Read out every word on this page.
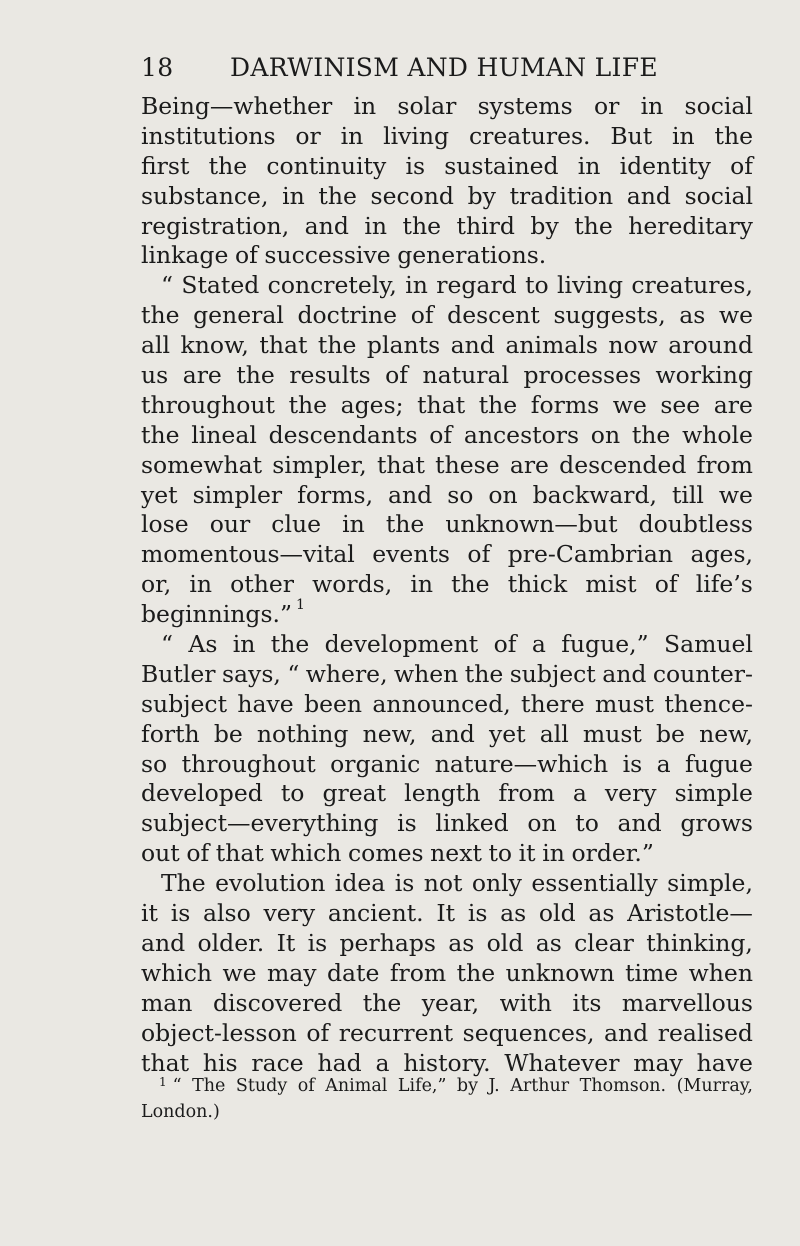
18 DARWINISM AND HUMAN LIFE
Being—whether in solar systems or in social
institutions or in living creatures. But in the
first the continuity is sustained in identity of
substance, in the second by tradition and social
registration, and in the third by the hereditary
linkage of successive generations.
“ Stated concretely, in regard to living creatures,
the general doctrine of descent suggests, as we
all know, that the plants and animals now around
us are the results of natural processes working
throughout the ages; that the forms we see are
the lineal descendants of ancestors on the whole
somewhat simpler, that these are descended from
yet simpler forms, and so on backward, till we
lose our clue in the unknown—but doubtless
momentous—vital events of pre-Cambrian ages,
or, in other words, in the thick mist of life’s
beginnings.” 1
“ As in the development of a fugue,” Samuel
Butler says, “ where, when the subject and counter-
subject have been announced, there must thence-
forth be nothing new, and yet all must be new,
so throughout organic nature—which is a fugue
developed to great length from a very simple
subject—everything is linked on to and grows
out of that which comes next to it in order.”
The evolution idea is not only essentially simple,
it is also very ancient. It is as old as Aristotle—
and older. It is perhaps as old as clear thinking,
which we may date from the unknown time when
man discovered the year, with its marvellous
object-lesson of recurrent sequences, and realised
that his race had a history. Whatever may have
$^1$ “ The Study of Animal Life,” by J. Arthur Thomson. (Murray,
London.)
